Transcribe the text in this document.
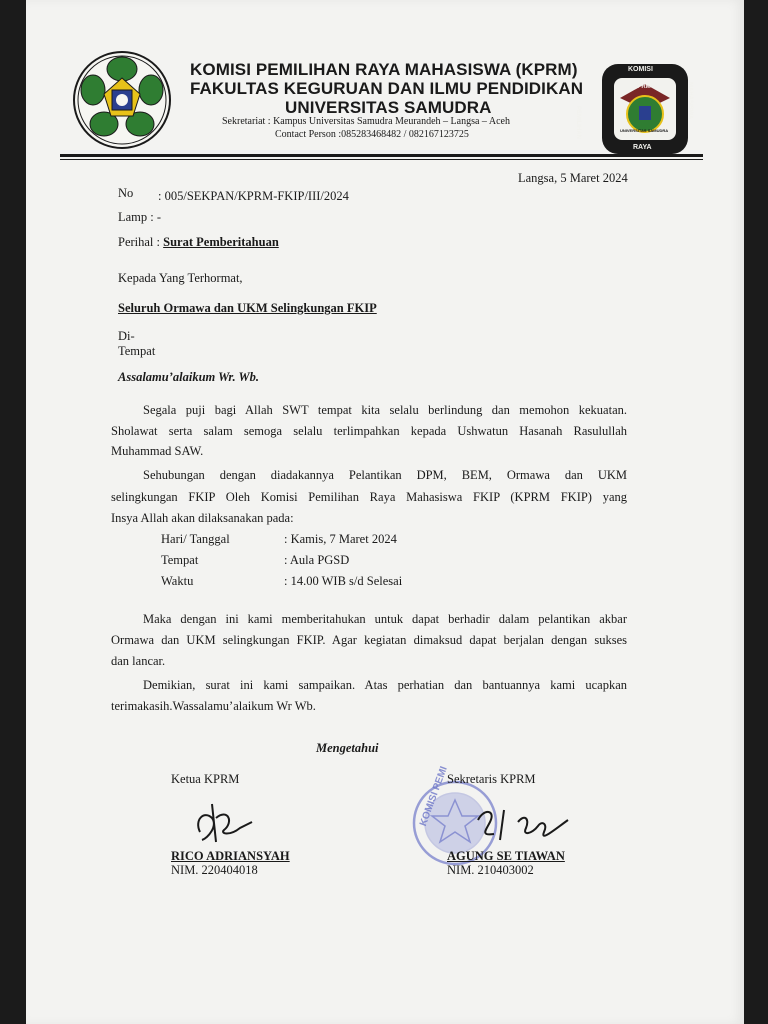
KOMISI
KPRM
UNIVERSITAS SAMUDRA
RAYA
PEMILIHAN
MAHASISWA
KOMISI PEMILIHAN RAYA MAHASISWA (KPRM)
FAKULTAS KEGURUAN DAN ILMU PENDIDIKAN
UNIVERSITAS SAMUDRA
Sekretariat : Kampus Universitas Samudra Meurandeh – Langsa – Aceh
Contact Person :085283468482 / 082167123725
Langsa, 5 Maret 2024
No : 005/SEKPAN/KPRM-FKIP/III/2024
Lamp : -
Perihal : Surat Pemberitahuan
Kepada Yang Terhormat,
Seluruh Ormawa dan UKM Selingkungan FKIP
Di-
Tempat
Assalamu’alaikum Wr. Wb.
Segala puji bagi Allah SWT tempat kita selalu berlindung dan memohon kekuatan.
Sholawat serta salam semoga selalu terlimpahkan kepada Ushwatun Hasanah Rasulullah
Muhammad SAW.
Sehubungan dengan diadakannya Pelantikan DPM, BEM, Ormawa dan UKM
selingkungan FKIP Oleh Komisi Pemilihan Raya Mahasiswa FKIP (KPRM FKIP) yang
Insya Allah akan dilaksanakan pada:
Hari/ Tanggal	: Kamis, 7 Maret 2024
Tempat	: Aula PGSD
Waktu	: 14.00 WIB s/d Selesai
Maka dengan ini kami memberitahukan untuk dapat berhadir dalam pelantikan akbar
Ormawa dan UKM selingkungan FKIP. Agar kegiatan dimaksud dapat berjalan dengan sukses
dan lancar.
Demikian, surat ini kami sampaikan. Atas perhatian dan bantuannya kami ucapkan
terimakasih.Wassalamu’alaikum Wr Wb.
Mengetahui
Ketua KPRM	KOMISI PEMI
Sekretaris KPRM
RICO ADRIANSYAH
NIM. 220404018
AGUNG SE TIAWAN
NIM. 210403002
